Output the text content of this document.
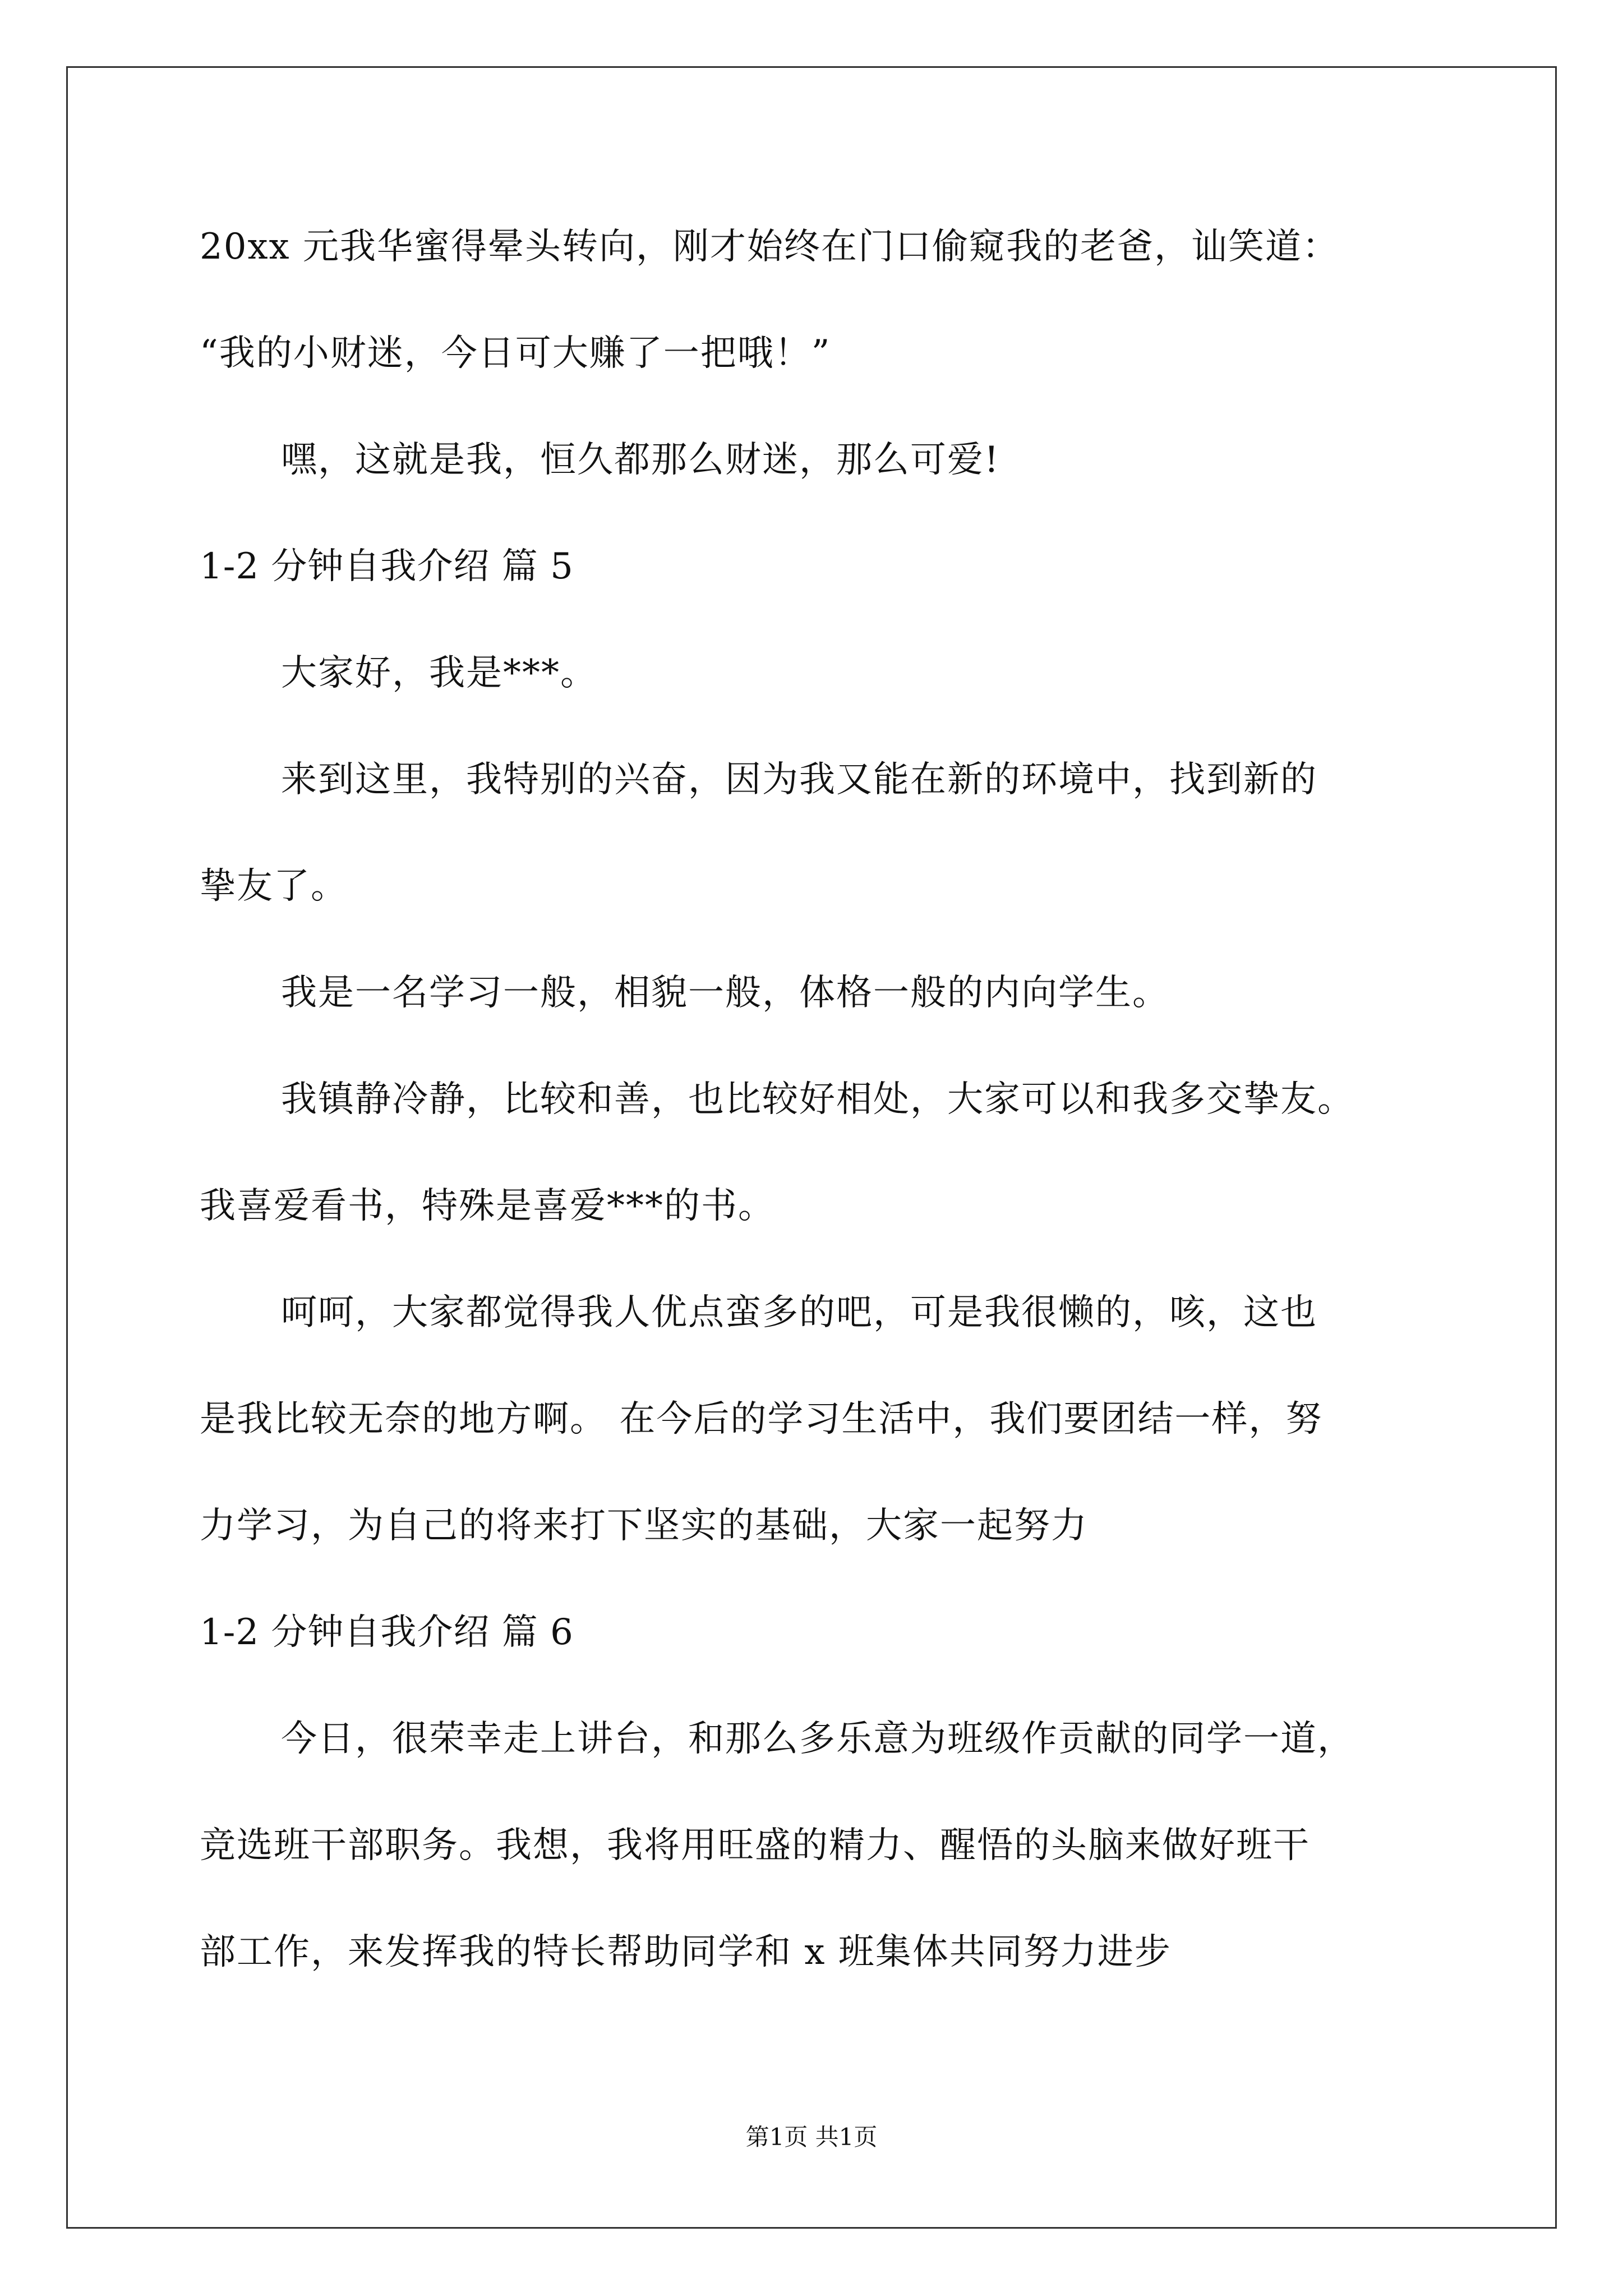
20xx 元我华蜜得晕头转向，刚才始终在门口偷窥我的老爸，讪笑道：
“我的小财迷，今日可大赚了一把哦！”
嘿，这就是我，恒久都那么财迷，那么可爱!
1-2 分钟自我介绍 篇 5
大家好，我是***。
来到这里，我特别的兴奋，因为我又能在新的环境中，找到新的
挚友了。
我是一名学习一般，相貌一般，体格一般的内向学生。
我镇静冷静，比较和善，也比较好相处，大家可以和我多交挚友。
我喜爱看书，特殊是喜爱***的书。
呵呵，大家都觉得我人优点蛮多的吧，可是我很懒的，咳，这也
是我比较无奈的地方啊。 在今后的学习生活中，我们要团结一样，努
力学习，为自己的将来打下坚实的基础，大家一起努力
1-2 分钟自我介绍 篇 6
今日，很荣幸走上讲台，和那么多乐意为班级作贡献的同学一道，
竞选班干部职务。我想，我将用旺盛的精力、醒悟的头脑来做好班干
部工作，来发挥我的特长帮助同学和 x 班集体共同努力进步
第1页 共1页
